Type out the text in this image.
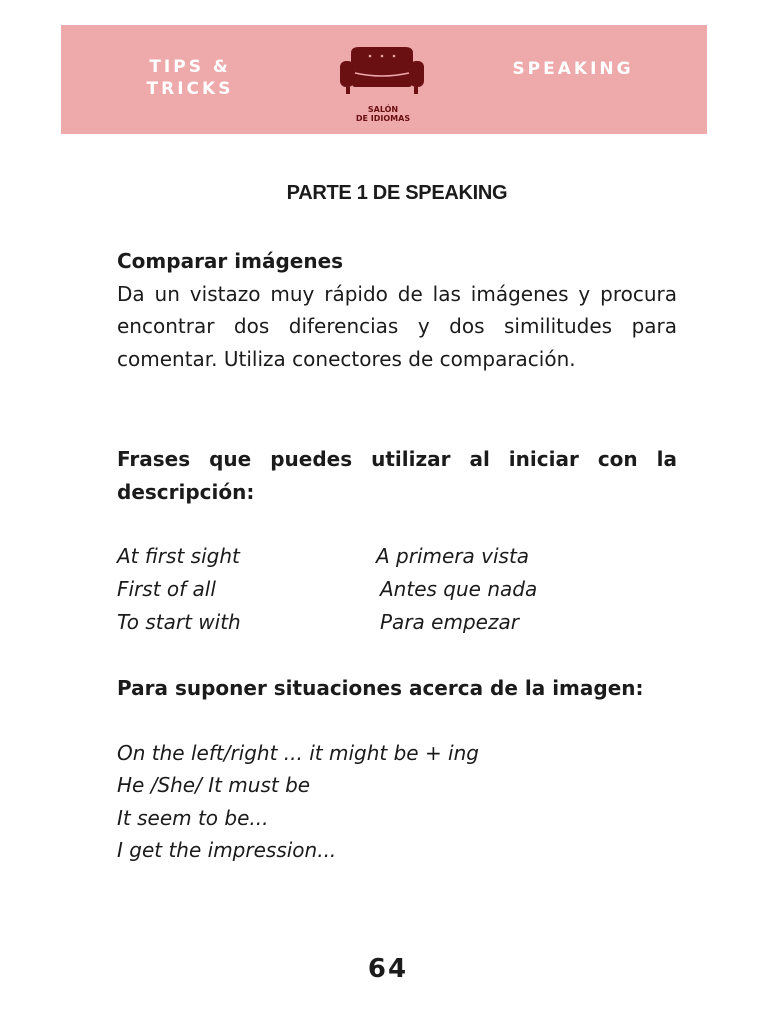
TIPS &
TRICKS
SALÓN
DE IDIOMAS
SPEAKING
PARTE 1 DE SPEAKING
Comparar imágenes
Da un vistazo muy rápido de las imágenes y procura encontrar dos diferencias y dos similitudes para comentar. Utiliza conectores de comparación.
Frases que puedes utilizar al iniciar con la descripción:
At first sight	A primera vista
First of all	Antes que nada
To start with	Para empezar
Para suponer situaciones acerca de la imagen:
On the left/right ... it might be + ing
He /She/ It must be
It seem to be...
I get the impression...
64
